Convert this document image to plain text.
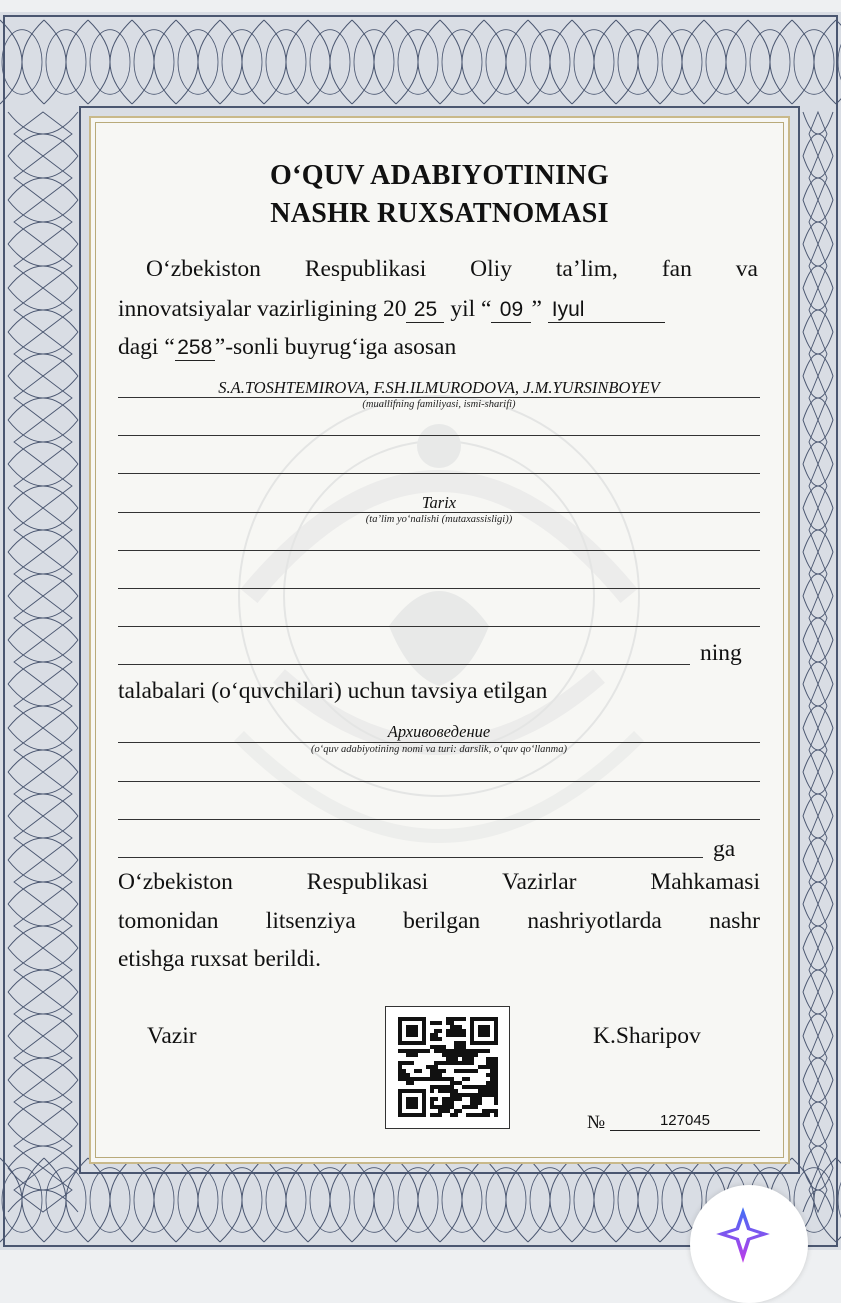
O‘QUV ADABIYOTINING
NASHR RUXSATNOMASI
O‘zbekiston Respublikasi Oliy ta’lim, fan va
innovatsiyalar vazirligining 20 25 yil “ 09 ” Iyul
dagi “ 258 ”-sonli buyrug‘iga asosan
S.A.TOSHTEMIROVA, F.SH.ILMURODOVA, J.M.YURSINBOYEV
(muallifning familiyasi, ismi-sharifi)
Tarix
(ta’lim yo‘nalishi (mutaxassisligi))
ning
talabalari (o‘quvchilari) uchun tavsiya etilgan
Архивоведение
(o‘quv adabiyotining nomi va turi: darslik, o‘quv qo‘llanma)
ga
O‘zbekiston	Respublikasi	Vazirlar	Mahkamasi
tomonidan litsenziya berilgan nashriyotlarda nashr
etishga ruxsat berildi.
Vazir	K.Sharipov
№	127045
